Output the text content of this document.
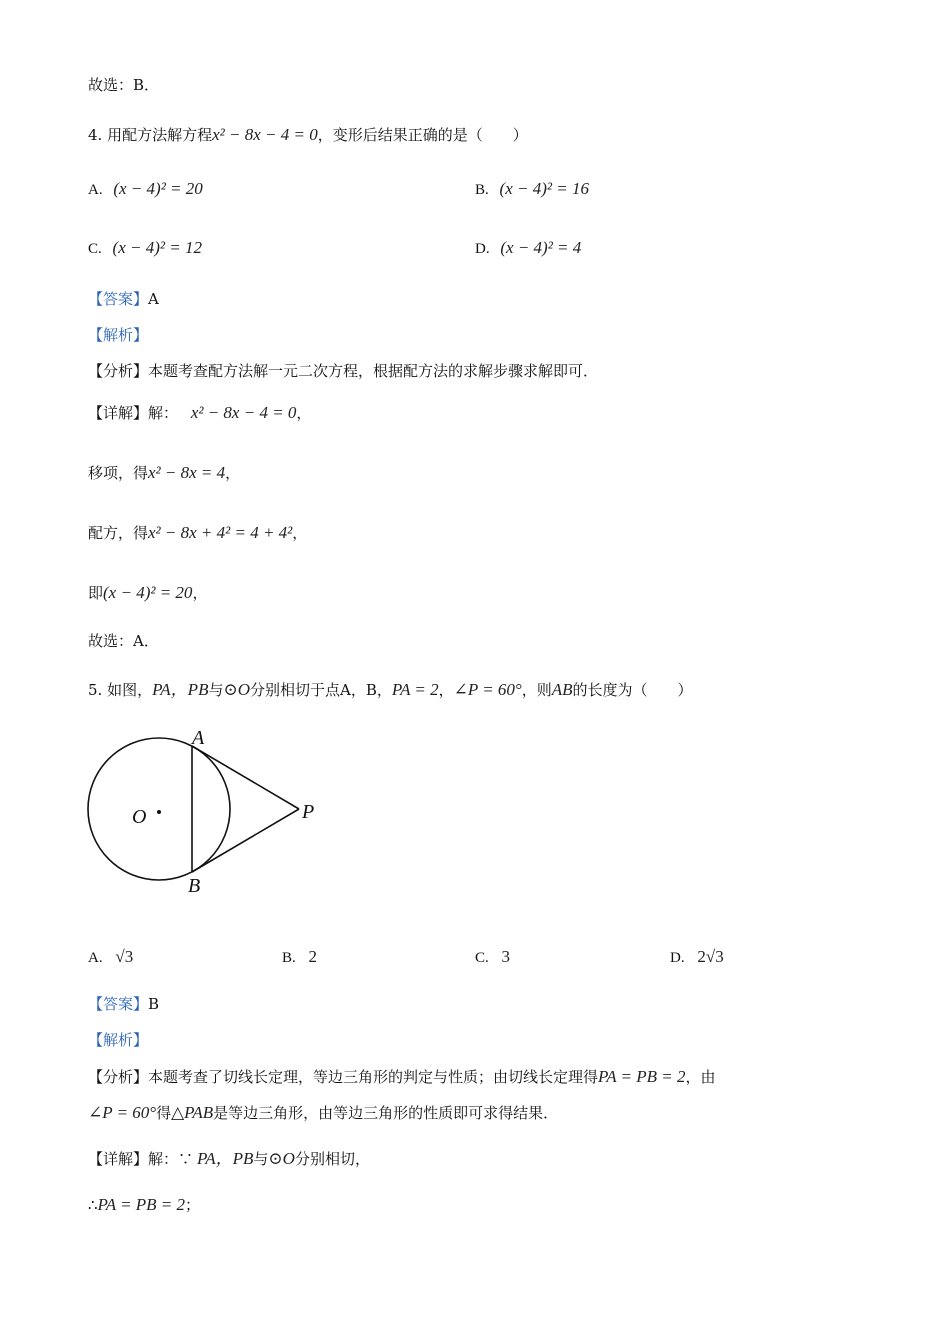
故选：B．
4. 用配方法解方程x² − 8x − 4 = 0，变形后结果正确的是（　　）
A. (x − 4)² = 20	B. (x − 4)² = 16
C. (x − 4)² = 12	D. (x − 4)² = 4
【答案】A
【解析】
【分析】本题考查配方法解一元二次方程，根据配方法的求解步骤求解即可．
【详解】解： x² − 8x − 4 = 0，
移项，得x² − 8x = 4，
配方，得x² − 8x + 4² = 4 + 4²，
即(x − 4)² = 20，
故选：A．
5. 如图，PA，PB与⊙O分别相切于点A，B，PA = 2，∠P = 60°，则AB的长度为（　　）
A
B
O	P
A. √3	B. 2	C. 3	D. 2√3
【答案】B
【解析】
【分析】本题考查了切线长定理，等边三角形的判定与性质；由切线长定理得PA = PB = 2，由
∠P = 60°得△PAB是等边三角形，由等边三角形的性质即可求得结果．
【详解】解：∵ PA，PB与⊙O分别相切，
∴PA = PB = 2；
